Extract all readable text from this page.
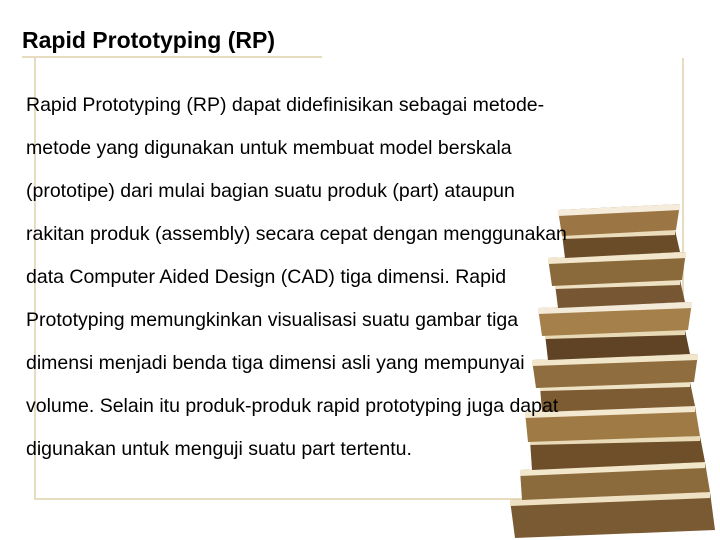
Rapid Prototyping (RP)
Rapid Prototyping (RP) dapat didefinisikan sebagai metode-
metode yang digunakan untuk membuat model berskala
(prototipe) dari mulai bagian suatu produk (part) ataupun
rakitan produk (assembly) secara cepat dengan menggunakan
data Computer Aided Design (CAD) tiga dimensi. Rapid
Prototyping memungkinkan visualisasi suatu gambar tiga
dimensi menjadi benda tiga dimensi asli yang mempunyai
volume. Selain itu produk-produk rapid prototyping juga dapat
digunakan untuk menguji suatu part tertentu.
